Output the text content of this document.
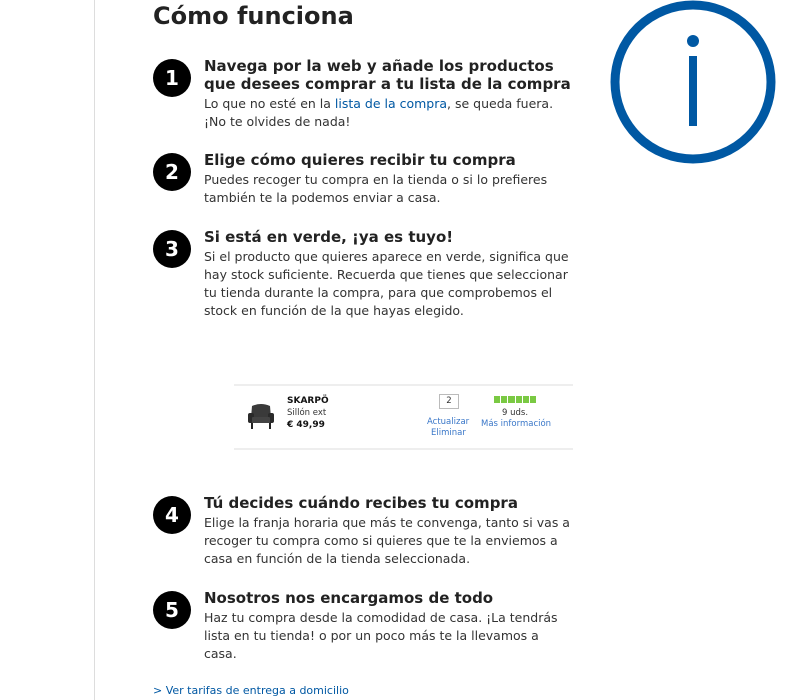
Cómo funciona
1	Navega por la web y añade los productos que desees comprar a tu lista de la compra

Lo que no esté en la lista de la compra, se queda fuera. ¡No te olvides de nada!

2	Elige cómo quieres recibir tu compra

Puedes recoger tu compra en la tienda o si lo prefieres también te la podemos enviar a casa.

3	Si está en verde, ¡ya es tuyo!

Si el producto que quieres aparece en verde, significa que hay stock suficiente. Recuerda que tienes que seleccionar tu tienda durante la compra, para que comprobemos el stock en función de la que hayas elegido.

SKARPÖ
Sillón ext
€ 49,99
2
Actualizar
Eliminar
9 uds.
Más información
4	Tú decides cuándo recibes tu compra

Elige la franja horaria que más te convenga, tanto si vas a recoger tu compra como si quieres que te la enviemos a casa en función de la tienda seleccionada.

5	Nosotros nos encargamos de todo

Haz tu compra desde la comodidad de casa. ¡La tendrás lista en tu tienda! o por un poco más te la llevamos a casa.

> Ver tarifas de entrega a domicilio
